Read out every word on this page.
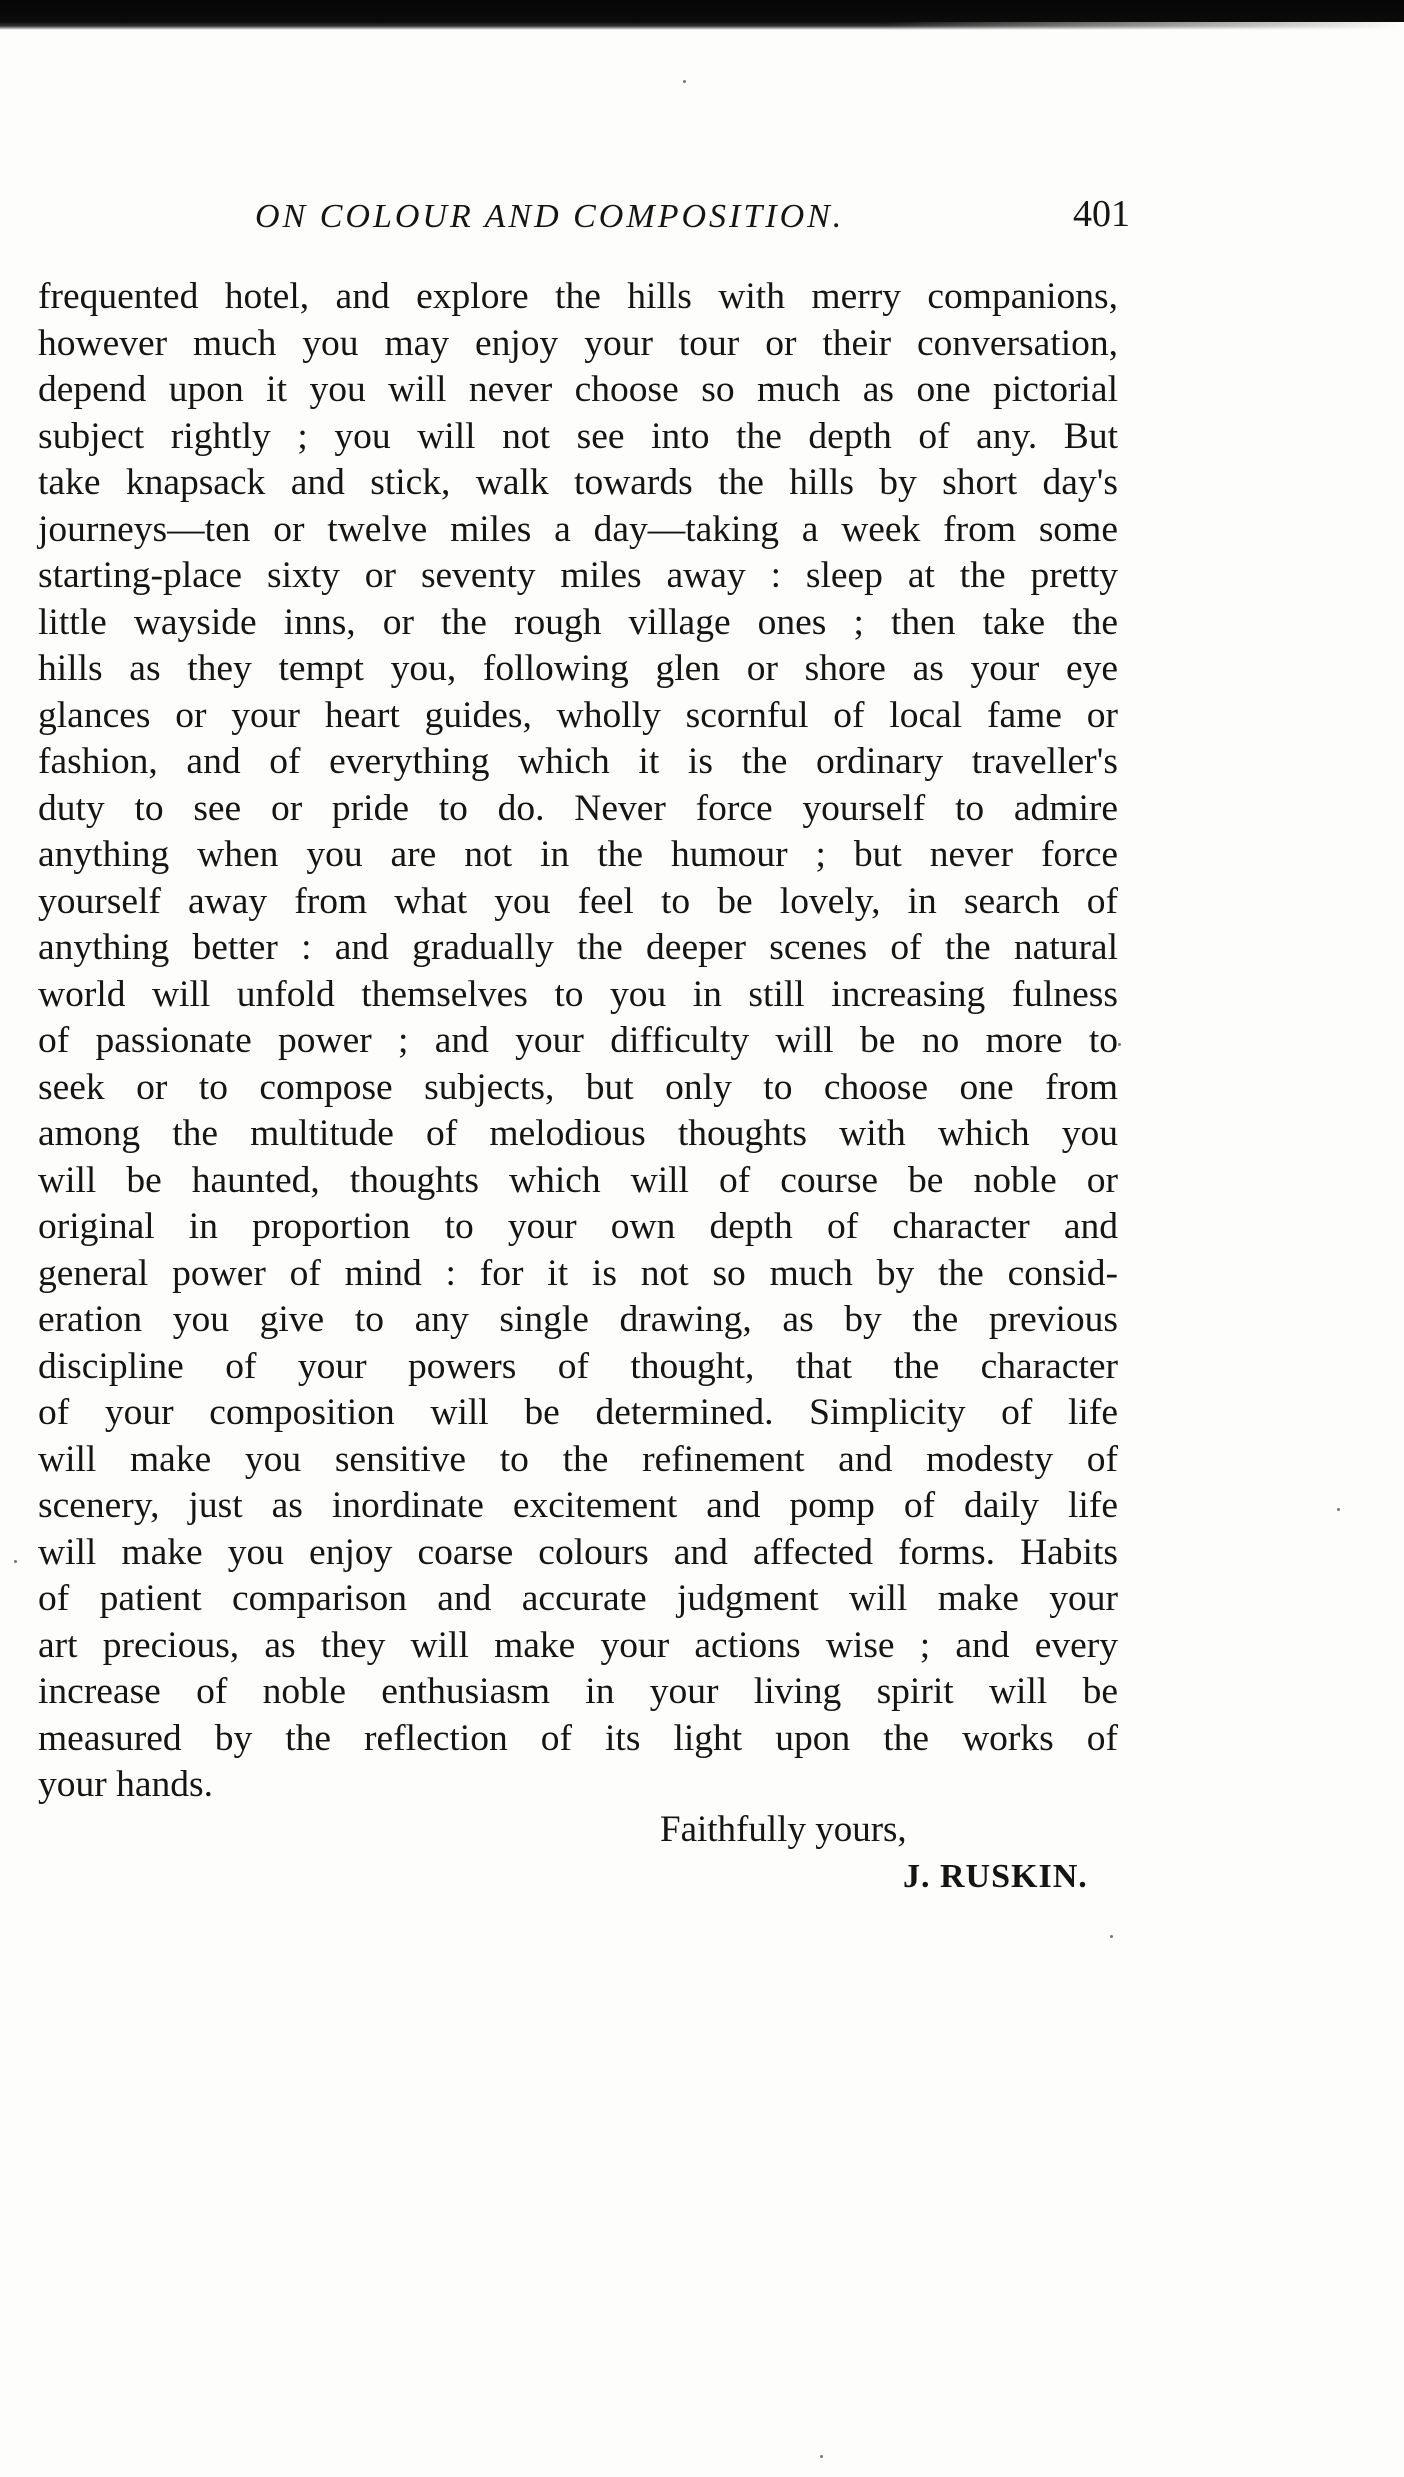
ON COLOUR AND COMPOSITION.	401
frequented hotel, and explore the hills with merry companions,
however much you may enjoy your tour or their conversation,
depend upon it you will never choose so much as one pictorial
subject rightly ; you will not see into the depth of any. But
take knapsack and stick, walk towards the hills by short day's
journeys—ten or twelve miles a day—taking a week from some
starting-place sixty or seventy miles away : sleep at the pretty
little wayside inns, or the rough village ones ; then take the
hills as they tempt you, following glen or shore as your eye
glances or your heart guides, wholly scornful of local fame or
fashion, and of everything which it is the ordinary traveller's
duty to see or pride to do. Never force yourself to admire
anything when you are not in the humour ; but never force
yourself away from what you feel to be lovely, in search of
anything better : and gradually the deeper scenes of the natural
world will unfold themselves to you in still increasing fulness
of passionate power ; and your difficulty will be no more to
seek or to compose subjects, but only to choose one from
among the multitude of melodious thoughts with which you
will be haunted, thoughts which will of course be noble or
original in proportion to your own depth of character and
general power of mind : for it is not so much by the consid-
eration you give to any single drawing, as by the previous
discipline of your powers of thought, that the character
of your composition will be determined. Simplicity of life
will make you sensitive to the refinement and modesty of
scenery, just as inordinate excitement and pomp of daily life
will make you enjoy coarse colours and affected forms. Habits
of patient comparison and accurate judgment will make your
art precious, as they will make your actions wise ; and every
increase of noble enthusiasm in your living spirit will be
measured by the reflection of its light upon the works of
your hands.
Faithfully yours,
J. RUSKIN.
